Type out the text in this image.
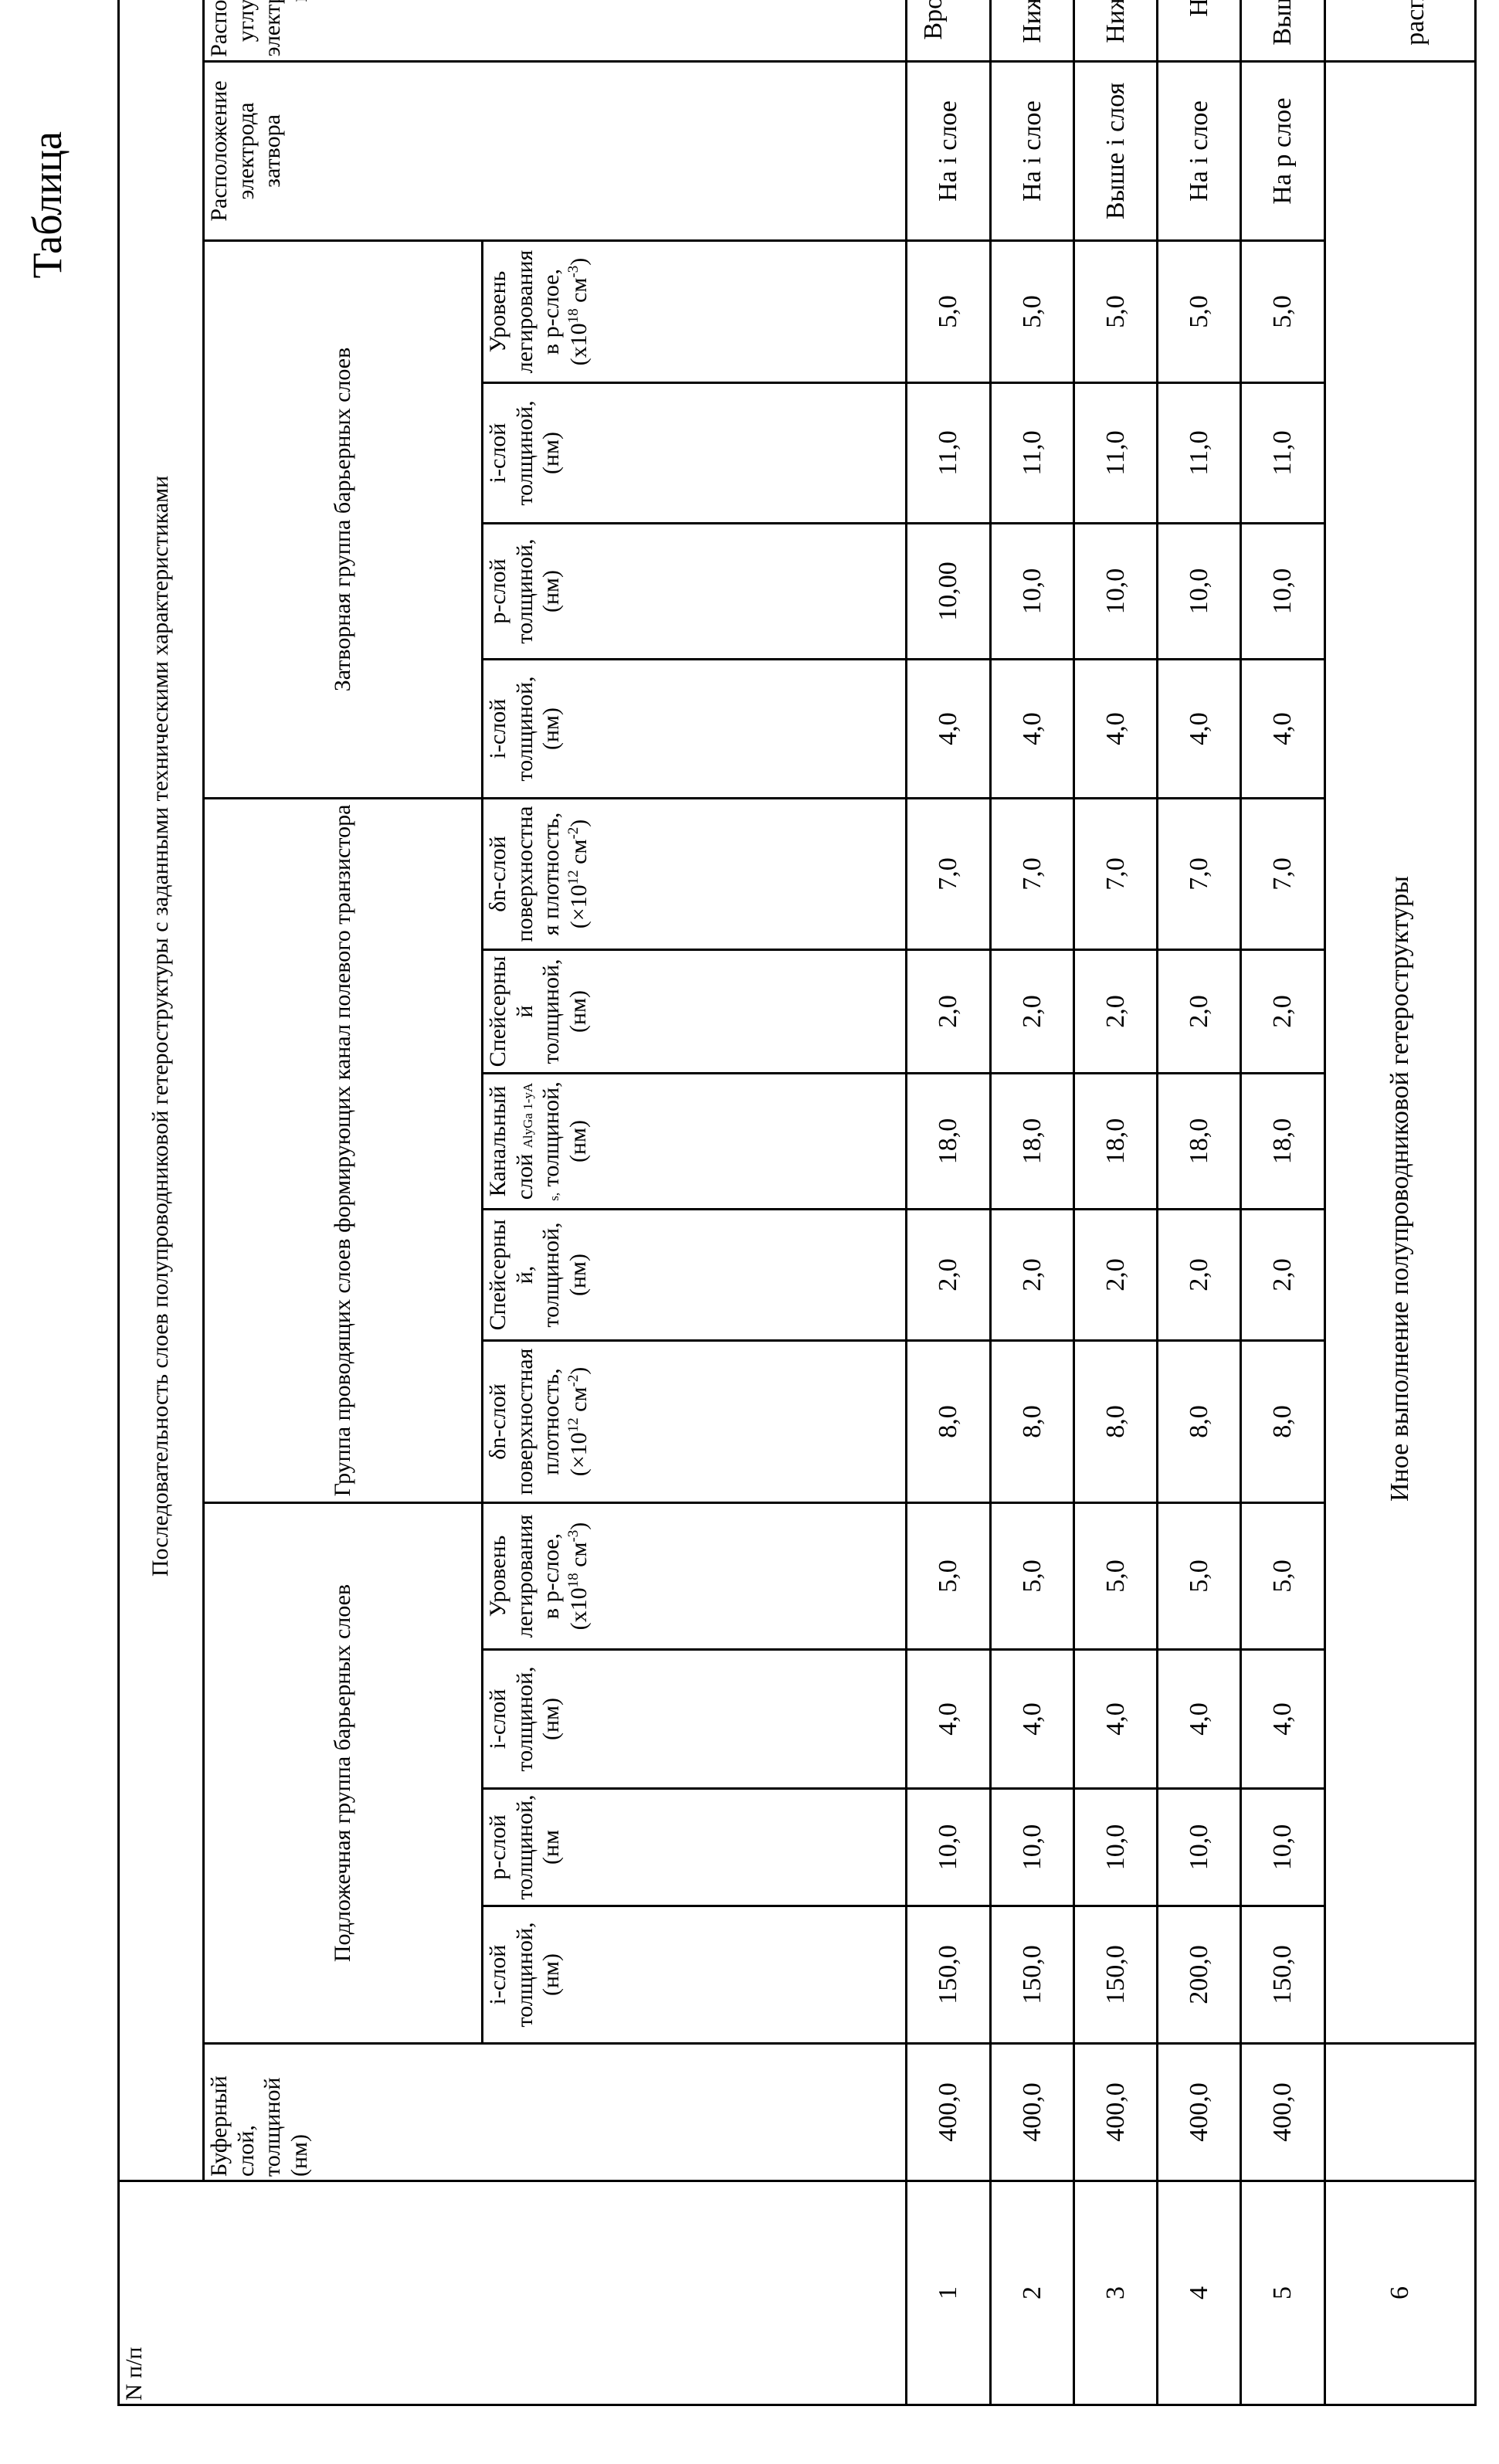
Таблица
N п/п	Последовательность слоев полупроводниковой гетероструктуры с заданными техническими характеристиками	
Буферный слой, толщиной (нм)	Подложечная группа барьерных слоев	Группа проводящих слоев формирующих канал полевого транзистора	Затворная группа барьерных слоев	Расположение электрода затвора				
i-слой толщиной, (нм)	p-слой толщиной, (нм	i-слой толщиной, (нм)	Уровень легирования в p-слое, (x1018 см-3)	δn-слой поверхностная плотность, (×1012 см-2)	Спейсерный, толщиной, (нм)	Канальный слой AlyGa 1-yA s, толщиной, (нм)	Спейсерный толщиной, (нм)	δn-слой поверхностная плотность, (×1012 см-2)	i-слой толщиной, (нм)	p-слой толщиной, (нм)	i-слой толщиной, (нм)	Уровень легирования в p-слое, (x1018 см-3)
1	400,0	150,0	10,0	4,0	5,0	8,0	2,0	18,0	2,0	7,0	4,0	10,00	11,0	5,0	На i слое				
2	400,0	150,0	10,0	4,0	5,0	8,0	2,0	18,0	2,0	7,0	4,0	10,0	11,0	5,0	На i слое				
3	400,0	150,0	10,0	4,0	5,0	8,0	2,0	18,0	2,0	7,0	4,0	10,0	11,0	5,0	Выше i слоя				
4	400,0	200,0	10,0	4,0	5,0	8,0	2,0	18,0	2,0	7,0	4,0	10,0	11,0	5,0	На i слое				
5	400,0	150,0	10,0	4,0	5,0	8,0	2,0	18,0	2,0	7,0	4,0	10,0	11,0	5,0	На p слое				
6		Иное выполнение полупроводниковой гетероструктуры					
